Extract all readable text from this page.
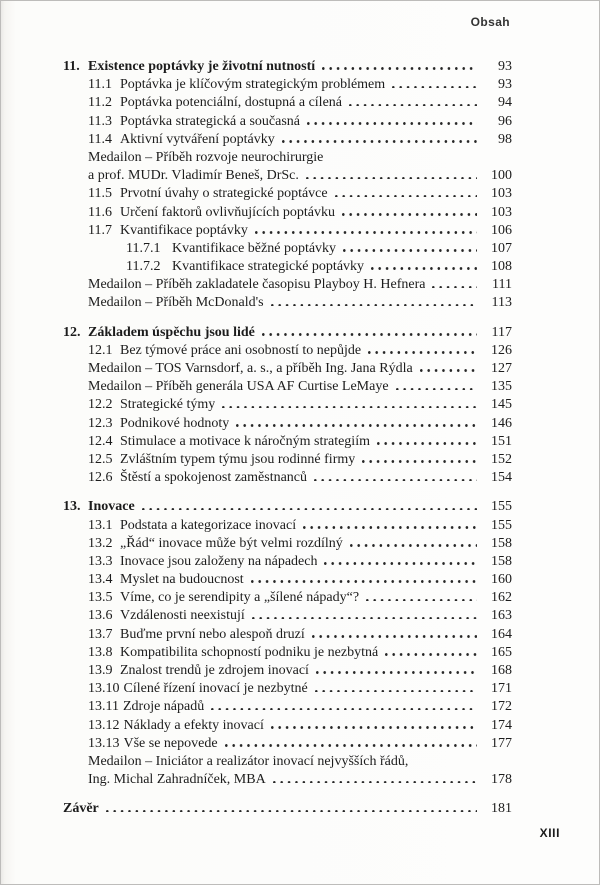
Obsah
11. Existence poptávky je životní nutností	93
11.1 Poptávka je klíčovým strategickým problémem	93
11.2 Poptávka potenciální, dostupná a cílená	94
11.3 Poptávka strategická a současná	96
11.4 Aktivní vytváření poptávky	98
Medailon – Příběh rozvoje neurochirurgie
a prof. MUDr. Vladimír Beneš, DrSc.	100
11.5 Prvotní úvahy o strategické poptávce	103
11.6 Určení faktorů ovlivňujících poptávku	103
11.7 Kvantifikace poptávky	106
11.7.1 Kvantifikace běžné poptávky	107
11.7.2 Kvantifikace strategické poptávky	108
Medailon – Příběh zakladatele časopisu Playboy H. Hefnera	111
Medailon – Příběh McDonald's	113
12. Základem úspěchu jsou lidé	117
12.1 Bez týmové práce ani osobností to nepůjde	126
Medailon – TOS Varnsdorf, a. s., a příběh Ing. Jana Rýdla	127
Medailon – Příběh generála USA AF Curtise LeMaye	135
12.2 Strategické týmy	145
12.3 Podnikové hodnoty	146
12.4 Stimulace a motivace k náročným strategiím	151
12.5 Zvláštním typem týmu jsou rodinné firmy	152
12.6 Štěstí a spokojenost zaměstnanců	154
13. Inovace	155
13.1 Podstata a kategorizace inovací	155
13.2 „Řád“ inovace může být velmi rozdílný	158
13.3 Inovace jsou založeny na nápadech	158
13.4 Myslet na budoucnost	160
13.5 Víme, co je serendipity a „šílené nápady“?	162
13.6 Vzdálenosti neexistují	163
13.7 Buďme první nebo alespoň druzí	164
13.8 Kompatibilita schopností podniku je nezbytná	165
13.9 Znalost trendů je zdrojem inovací	168
13.10 Cílené řízení inovací je nezbytné	171
13.11 Zdroje nápadů	172
13.12 Náklady a efekty inovací	174
13.13 Vše se nepovede	177
Medailon – Iniciátor a realizátor inovací nejvyšších řádů,
Ing. Michal Zahradníček, MBA	178
Závěr	181
XIII
